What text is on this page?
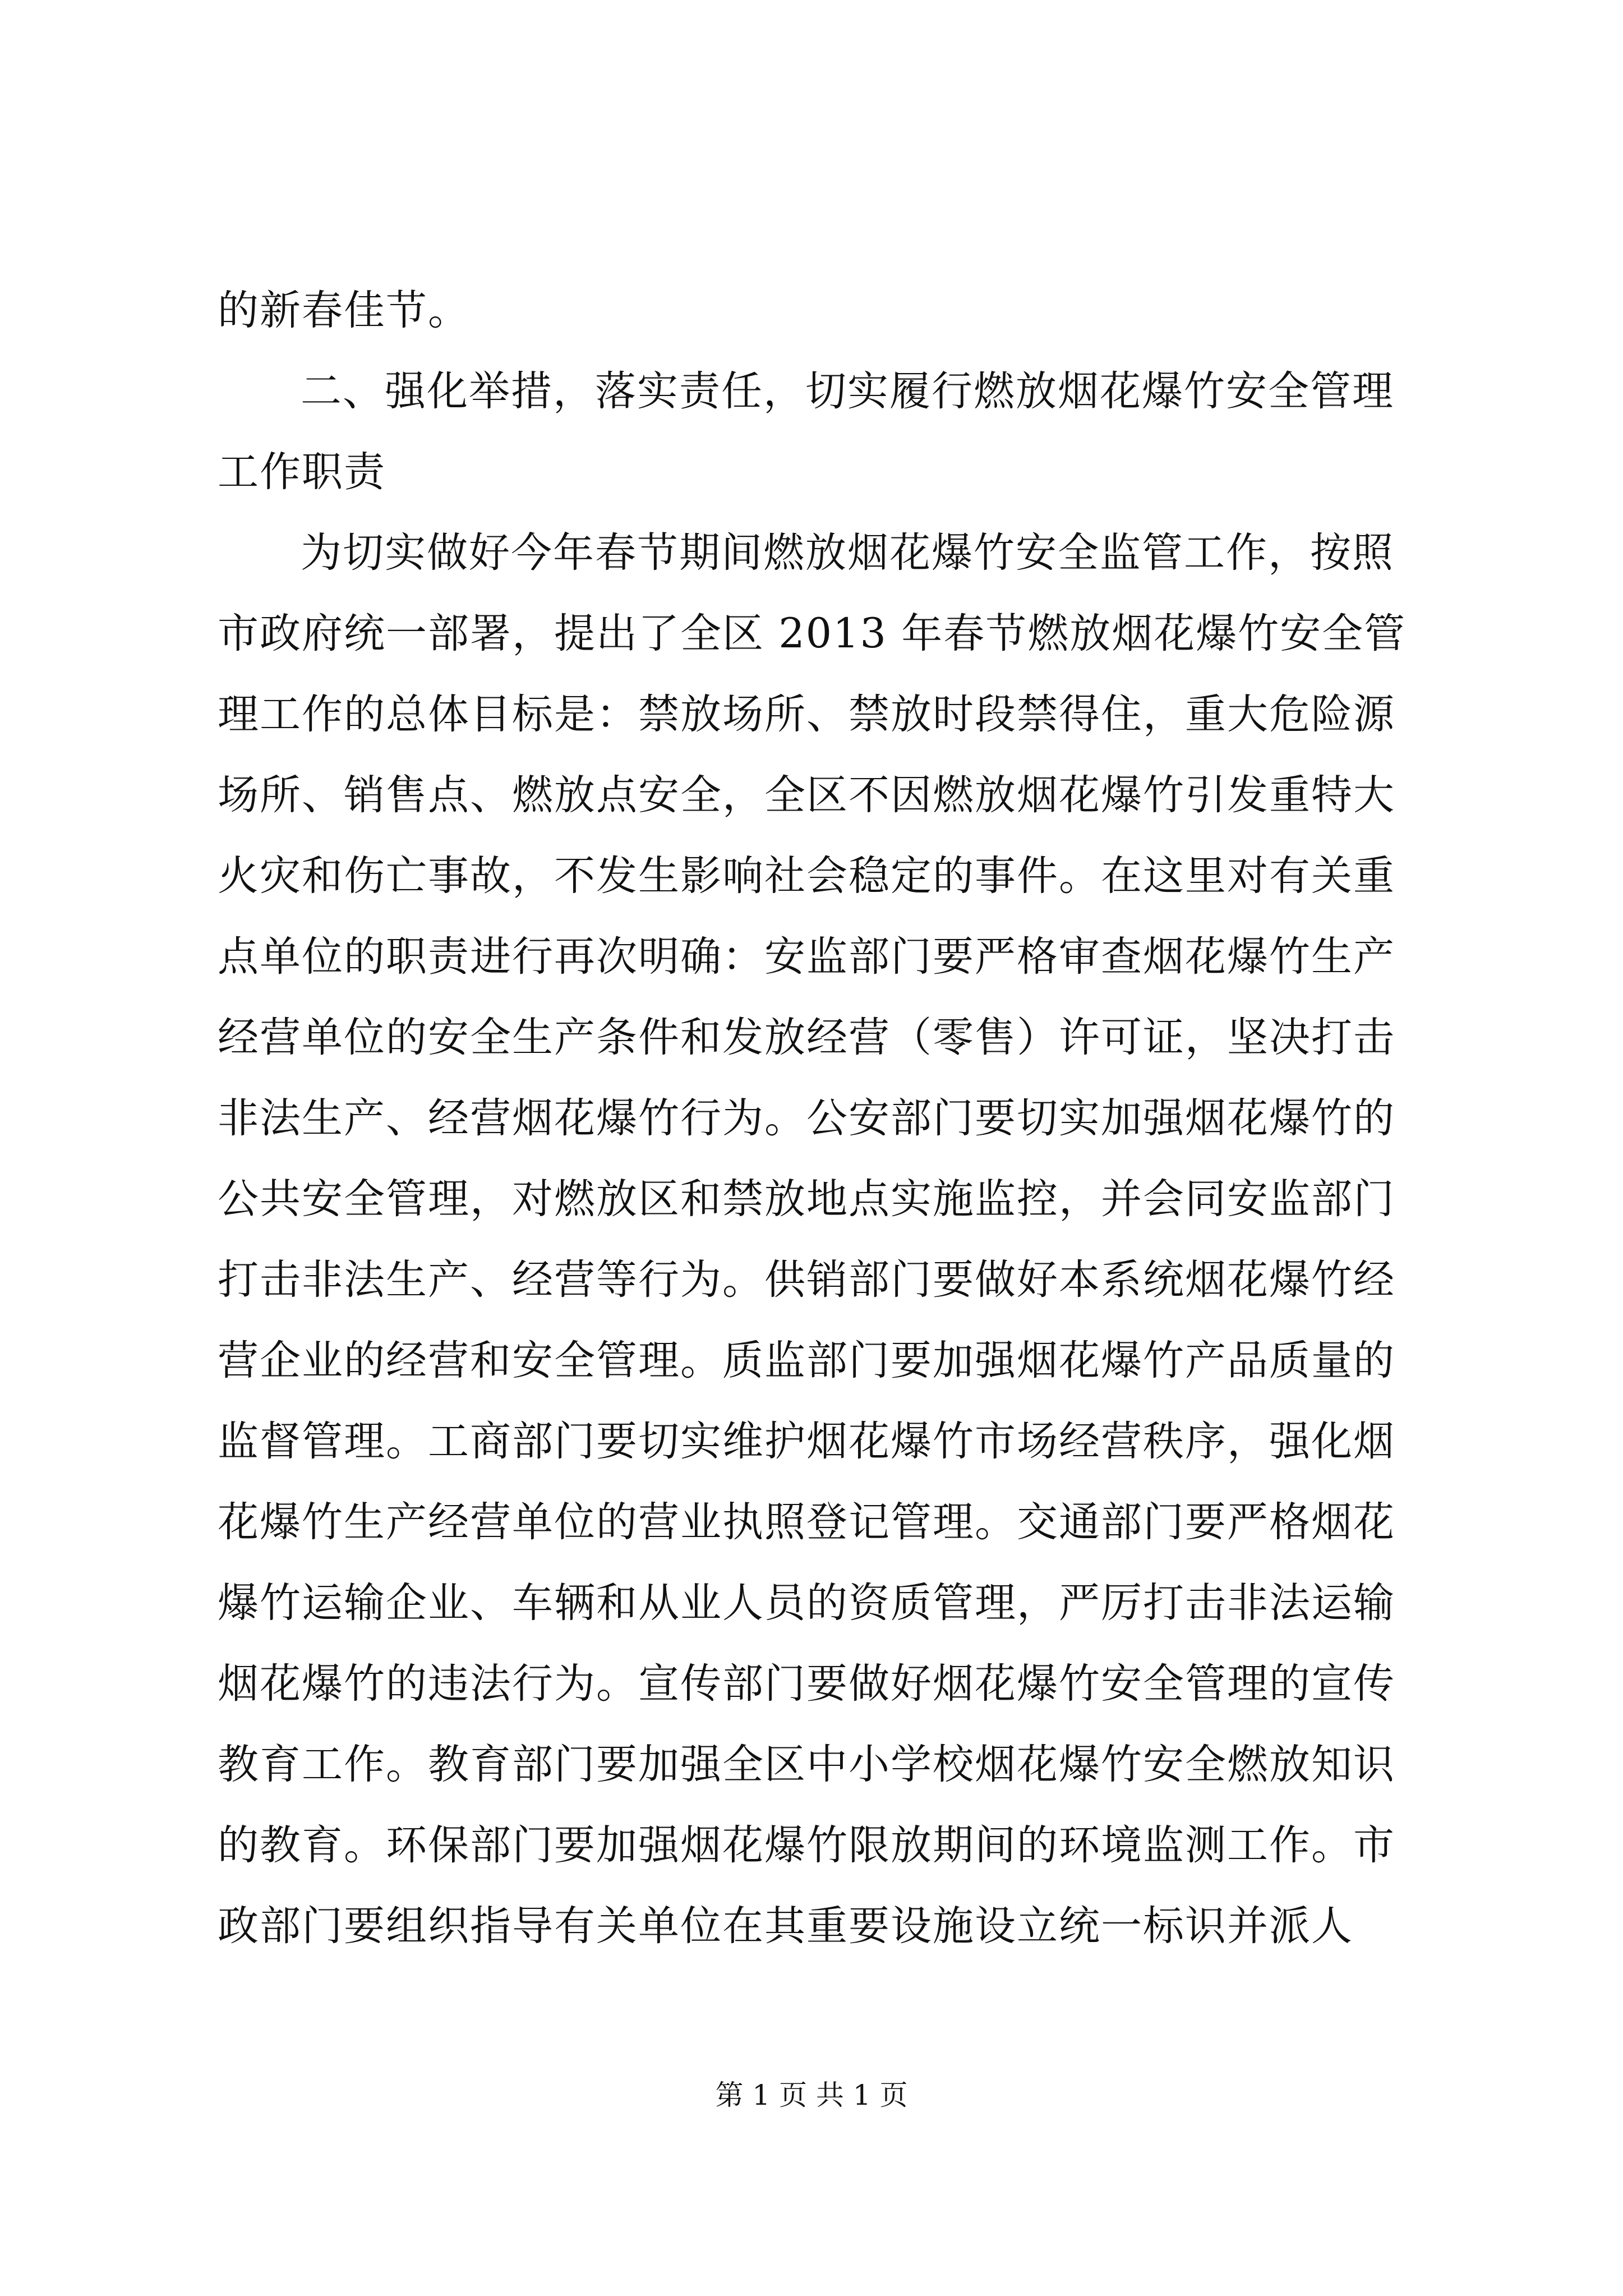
的新春佳节。
二、强化举措，落实责任，切实履行燃放烟花爆竹安全管理
工作职责
为切实做好今年春节期间燃放烟花爆竹安全监管工作，按照
市政府统一部署，提出了全区 2013 年春节燃放烟花爆竹安全管
理工作的总体目标是：禁放场所、禁放时段禁得住，重大危险源
场所、销售点、燃放点安全，全区不因燃放烟花爆竹引发重特大
火灾和伤亡事故，不发生影响社会稳定的事件。在这里对有关重
点单位的职责进行再次明确：安监部门要严格审查烟花爆竹生产
经营单位的安全生产条件和发放经营（零售）许可证，坚决打击
非法生产、经营烟花爆竹行为。公安部门要切实加强烟花爆竹的
公共安全管理，对燃放区和禁放地点实施监控，并会同安监部门
打击非法生产、经营等行为。供销部门要做好本系统烟花爆竹经
营企业的经营和安全管理。质监部门要加强烟花爆竹产品质量的
监督管理。工商部门要切实维护烟花爆竹市场经营秩序，强化烟
花爆竹生产经营单位的营业执照登记管理。交通部门要严格烟花
爆竹运输企业、车辆和从业人员的资质管理，严厉打击非法运输
烟花爆竹的违法行为。宣传部门要做好烟花爆竹安全管理的宣传
教育工作。教育部门要加强全区中小学校烟花爆竹安全燃放知识
的教育。环保部门要加强烟花爆竹限放期间的环境监测工作。市
政部门要组织指导有关单位在其重要设施设立统一标识并派人
第 1 页 共 1 页
